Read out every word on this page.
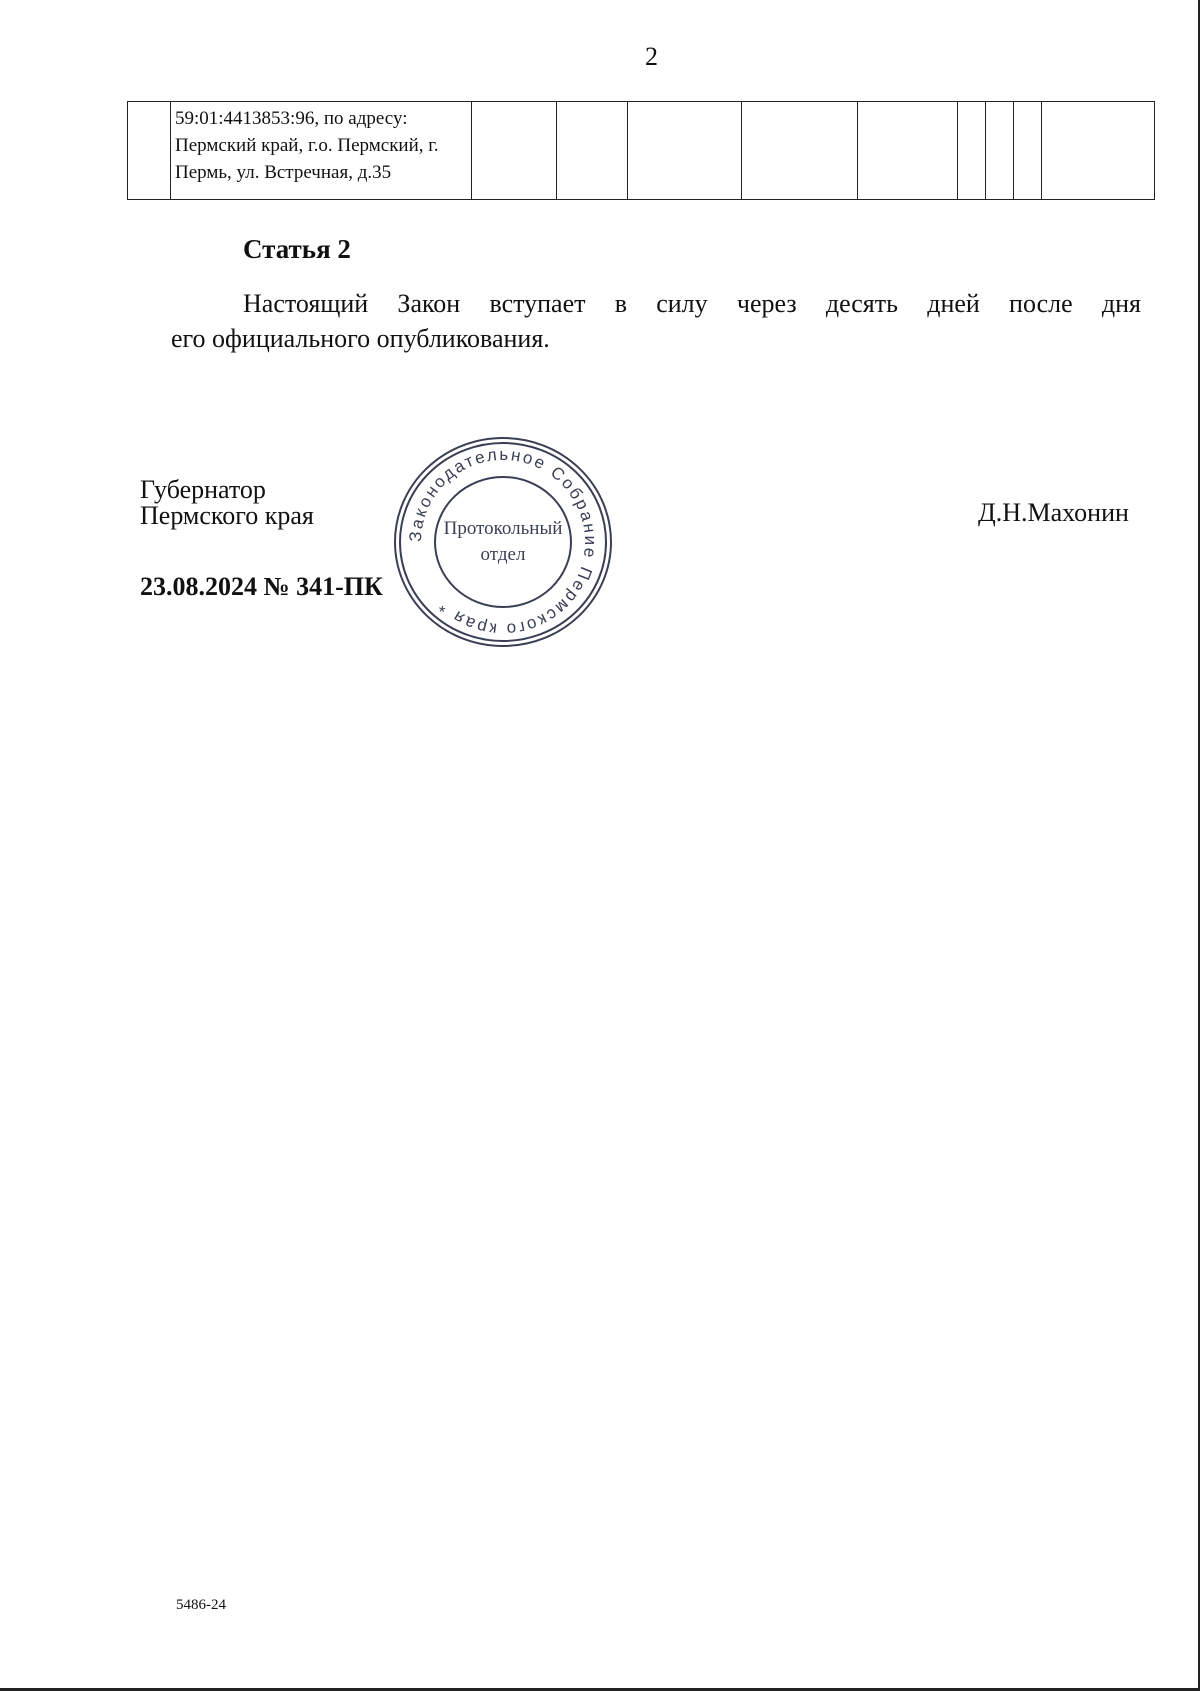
2

59:01:4413853:96, по адресу:
Пермский край, г.о. Пермский, г.
Пермь, ул. Встречная, д.35

Статья 2
Настоящий Закон вступает в силу через десять дней после дня
его официального опубликования.
Губернатор
Пермского края	Д.Н.Махонин
23.08.2024 № 341-ПК
Законодательное Собрание Пермского края *
Протокольный
отдел
5486-24
